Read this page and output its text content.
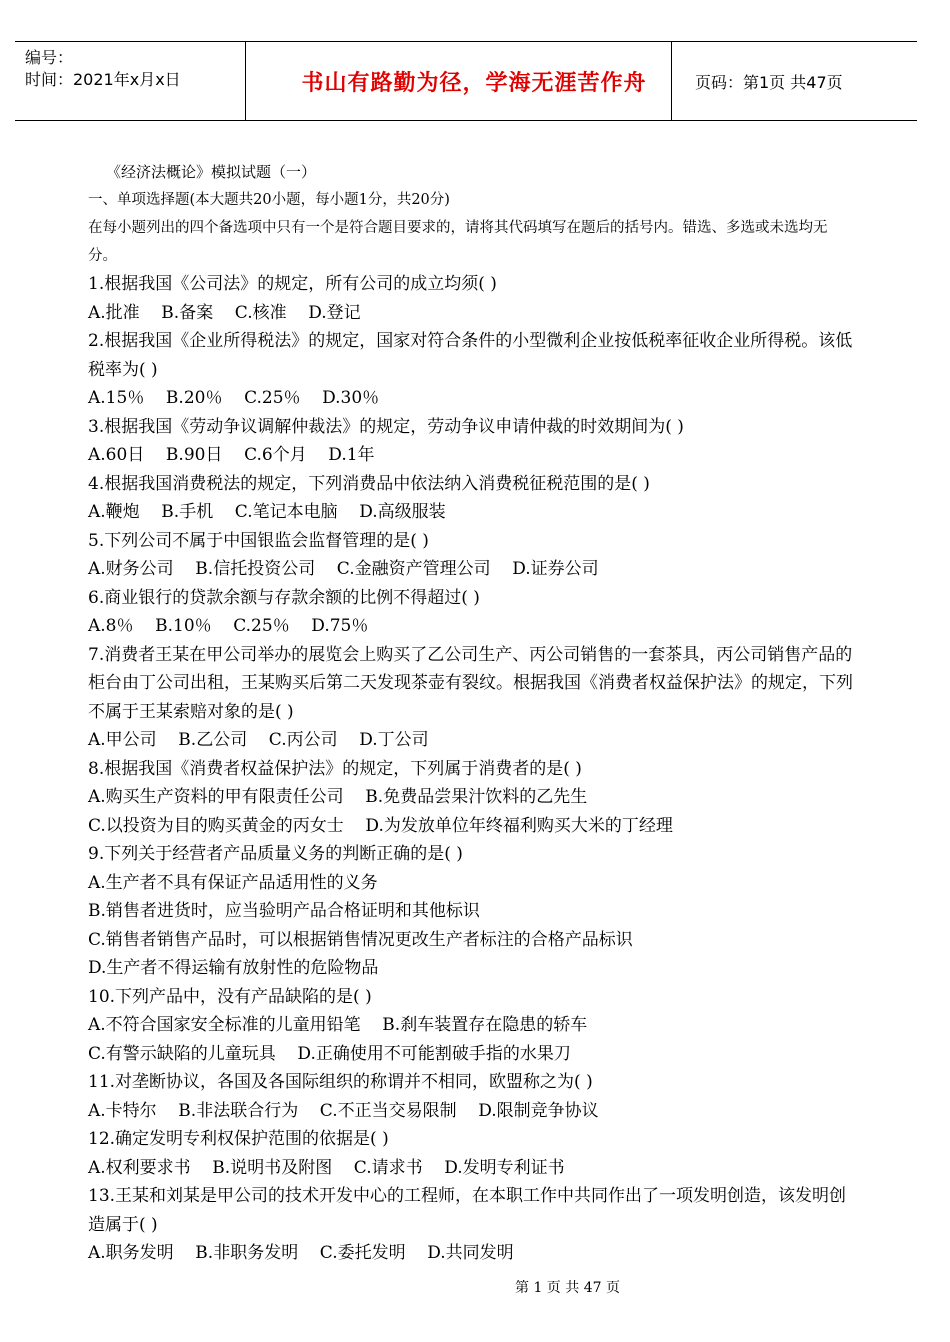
编号：
时间：2021年x月x日	书山有路勤为径，学海无涯苦作舟	页码：第1页 共47页
《经济法概论》模拟试题（一）
一、单项选择题(本大题共20小题，每小题1分，共20分)
在每小题列出的四个备选项中只有一个是符合题目要求的，请将其代码填写在题后的括号内。错选、多选或未选均无分。
1.根据我国《公司法》的规定，所有公司的成立均须( )
A.批准    B.备案    C.核准    D.登记
2.根据我国《企业所得税法》的规定，国家对符合条件的小型微利企业按低税率征收企业所得税。该低税率为( )
A.15％    B.20％    C.25％    D.30％
3.根据我国《劳动争议调解仲裁法》的规定，劳动争议申请仲裁的时效期间为( )
A.60日    B.90日    C.6个月    D.1年
4.根据我国消费税法的规定，下列消费品中依法纳入消费税征税范围的是( )
A.鞭炮    B.手机    C.笔记本电脑    D.高级服装
5.下列公司不属于中国银监会监督管理的是( )
A.财务公司    B.信托投资公司    C.金融资产管理公司    D.证券公司
6.商业银行的贷款余额与存款余额的比例不得超过( )
A.8％    B.10％    C.25％    D.75％
7.消费者王某在甲公司举办的展览会上购买了乙公司生产、丙公司销售的一套茶具，丙公司销售产品的柜台由丁公司出租，王某购买后第二天发现茶壶有裂纹。根据我国《消费者权益保护法》的规定，下列不属于王某索赔对象的是( )
A.甲公司    B.乙公司    C.丙公司    D.丁公司
8.根据我国《消费者权益保护法》的规定，下列属于消费者的是( )
A.购买生产资料的甲有限责任公司    B.免费品尝果汁饮料的乙先生
C.以投资为目的购买黄金的丙女士    D.为发放单位年终福利购买大米的丁经理
9.下列关于经营者产品质量义务的判断正确的是( )
A.生产者不具有保证产品适用性的义务
B.销售者进货时，应当验明产品合格证明和其他标识
C.销售者销售产品时，可以根据销售情况更改生产者标注的合格产品标识
D.生产者不得运输有放射性的危险物品
10.下列产品中，没有产品缺陷的是( )
A.不符合国家安全标准的儿童用铅笔    B.刹车装置存在隐患的轿车
C.有警示缺陷的儿童玩具    D.正确使用不可能割破手指的水果刀
11.对垄断协议，各国及各国际组织的称谓并不相同，欧盟称之为( )
A.卡特尔    B.非法联合行为    C.不正当交易限制    D.限制竞争协议
12.确定发明专利权保护范围的依据是( )
A.权利要求书    B.说明书及附图    C.请求书    D.发明专利证书
13.王某和刘某是甲公司的技术开发中心的工程师，在本职工作中共同作出了一项发明创造，该发明创造属于( )
A.职务发明    B.非职务发明    C.委托发明    D.共同发明
第 1 页 共 47 页
